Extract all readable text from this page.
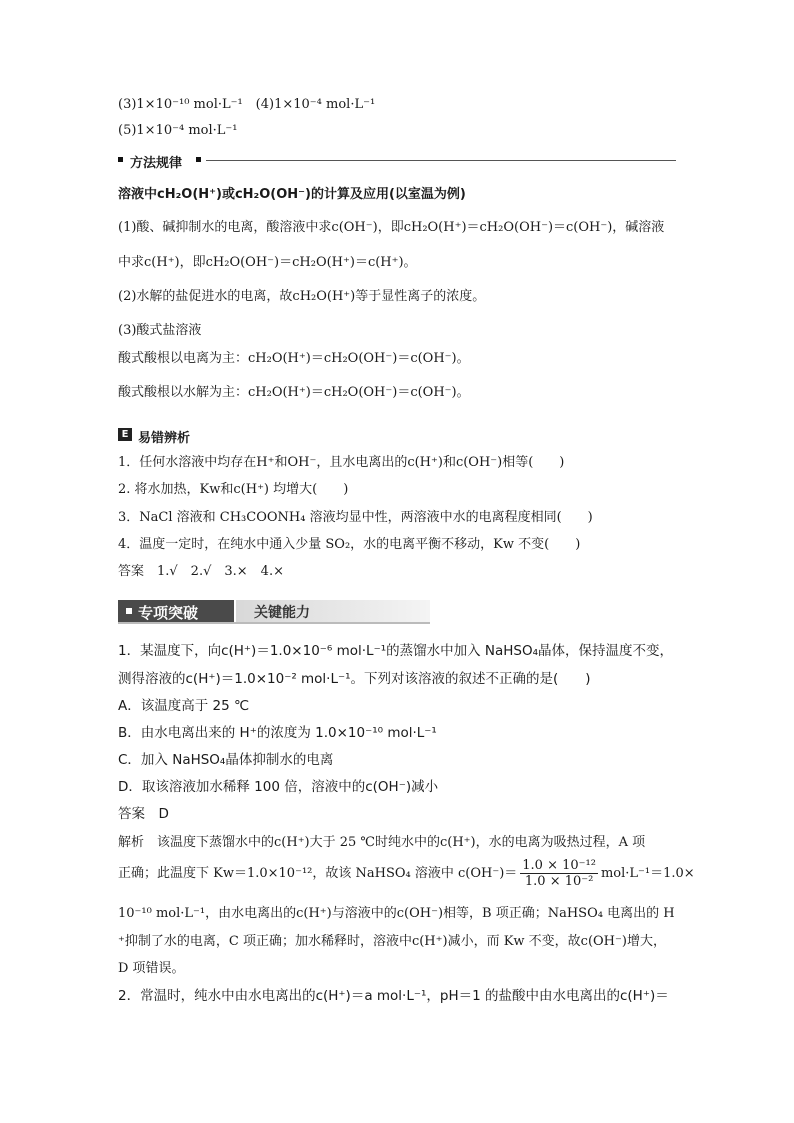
(3)1×10⁻¹⁰ mol·L⁻¹　(4)1×10⁻⁴ mol·L⁻¹
(5)1×10⁻⁴ mol·L⁻¹
方法规律
溶液中cH₂O(H⁺)或cH₂O(OH⁻)的计算及应用(以室温为例)
(1)酸、碱抑制水的电离，酸溶液中求c(OH⁻)，即cH₂O(H⁺)＝cH₂O(OH⁻)＝c(OH⁻)，碱溶液
中求c(H⁺)，即cH₂O(OH⁻)＝cH₂O(H⁺)＝c(H⁺)。
(2)水解的盐促进水的电离，故cH₂O(H⁺)等于显性离子的浓度。
(3)酸式盐溶液
酸式酸根以电离为主：cH₂O(H⁺)＝cH₂O(OH⁻)＝c(OH⁻)。
酸式酸根以水解为主：cH₂O(H⁺)＝cH₂O(OH⁻)＝c(OH⁻)。
E 易错辨析
1．任何水溶液中均存在H⁺和OH⁻，且水电离出的c(H⁺)和c(OH⁻)相等(　　)
2. 将水加热，Kw和c(H⁺) 均增大(　　)
3．NaCl 溶液和 CH₃COONH₄ 溶液均显中性，两溶液中水的电离程度相同(　　)
4．温度一定时，在纯水中通入少量 SO₂，水的电离平衡不移动，Kw 不变(　　)
答案　1.√　2.√　3.×　4.×
专项突破	关键能力
1．某温度下，向c(H⁺)＝1.0×10⁻⁶ mol·L⁻¹的蒸馏水中加入 NaHSO₄晶体，保持温度不变，
测得溶液的c(H⁺)＝1.0×10⁻² mol·L⁻¹。下列对该溶液的叙述不正确的是(　　)
A．该温度高于 25 ℃
B．由水电离出来的 H⁺的浓度为 1.0×10⁻¹⁰ mol·L⁻¹
C．加入 NaHSO₄晶体抑制水的电离
D．取该溶液加水稀释 100 倍，溶液中的c(OH⁻)减小
答案　D
解析　该温度下蒸馏水中的c(H⁺)大于 25 ℃时纯水中的c(H⁺)，水的电离为吸热过程，A 项
正确；此温度下 Kw＝1.0×10⁻¹²，故该 NaHSO₄ 溶液中 $c(OH^-)= \frac{\text{1.0 × 10⁻¹²}}{\text{1.0 × 10⁻²}} mol\cdot L^{-1}=1.0\times$
10⁻¹⁰ mol·L⁻¹，由水电离出的c(H⁺)与溶液中的c(OH⁻)相等，B 项正确；NaHSO₄ 电离出的 H
⁺抑制了水的电离，C 项正确；加水稀释时，溶液中c(H⁺)减小，而 Kw 不变，故c(OH⁻)增大，
D 项错误。
2．常温时，纯水中由水电离出的c(H⁺)＝a mol·L⁻¹，pH＝1 的盐酸中由水电离出的c(H⁺)＝
